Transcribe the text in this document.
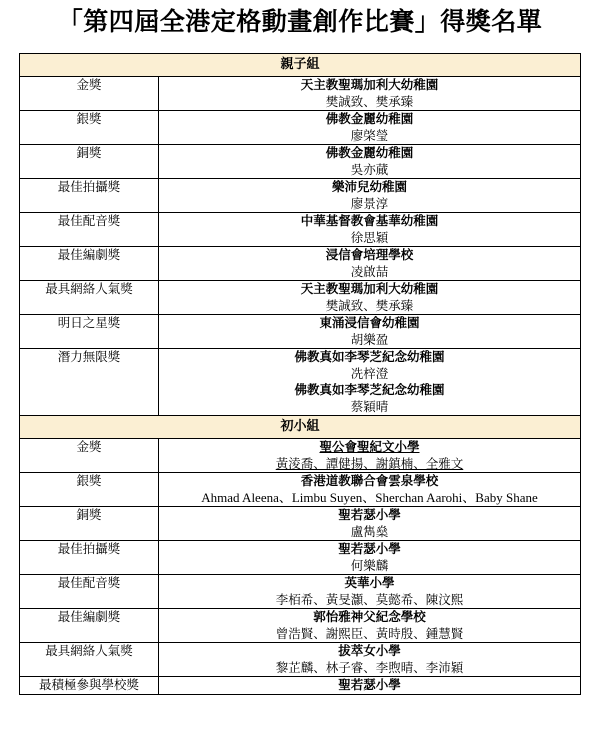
「第四屆全港定格動畫創作比賽」得獎名單
親子組	
金獎	天主教聖瑪加利大幼稚園
樊誠致、樊承臻

銀獎	佛教金麗幼稚園
廖棨瑩

銅獎	佛教金麗幼稚園
吳亦蕆

最佳拍攝獎	樂沛兒幼稚園
廖景淳

最佳配音獎	中華基督教會基華幼稚園
徐思穎

最佳編劇獎	浸信會培理學校
凌啟喆

最具網絡人氣獎	天主教聖瑪加利大幼稚園
樊誠致、樊承臻

明日之星獎	東涌浸信會幼稚園
胡樂盈

潛力無限獎	佛教真如李琴芝紀念幼稚園
冼梓澄
佛教真如李琴芝紀念幼稚園
蔡穎晴

初小組	
金獎	聖公會聖紀文小學
黃淩喬、譚健揚、謝鎮楠、全雅文

銀獎	香港道教聯合會雲泉學校
Ahmad Aleena、Limbu Suyen、Sherchan Aarohi、Baby Shane

銅獎	聖若瑟小學
盧雋燊

最佳拍攝獎	聖若瑟小學
何樂麟

最佳配音獎	英華小學
李栢希、黃旻灝、莫懿希、陳汶熙

最佳編劇獎	郭怡雅神父紀念學校
曾浩賢、謝熙臣、黃時殷、鍾慧賢

最具網絡人氣獎	拔萃女小學
黎芷麟、林子睿、李煦晴、李沛穎

最積極參與學校獎	聖若瑟小學
